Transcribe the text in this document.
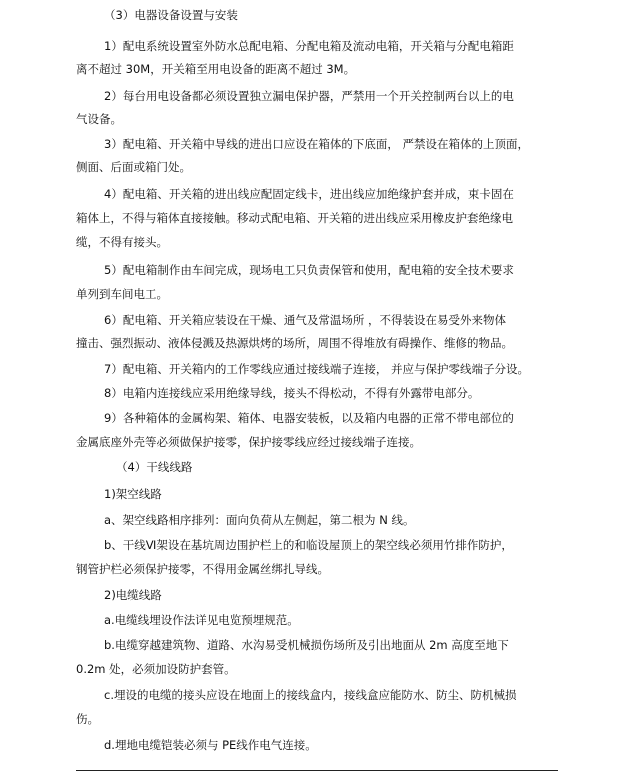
（3）电器设备设置与安装
1）配电系统设置室外防水总配电箱、分配电箱及流动电箱，开关箱与分配电箱距
离不超过 30M，开关箱至用电设备的距离不超过 3M。
2）每台用电设备都必须设置独立漏电保护器，严禁用一个开关控制两台以上的电
气设备。
3）配电箱、开关箱中导线的进出口应设在箱体的下底面， 严禁设在箱体的上顶面，
侧面、后面或箱门处。
4）配电箱、开关箱的进出线应配固定线卡，进出线应加绝缘护套并成，束卡固在
箱体上，不得与箱体直接接触。移动式配电箱、开关箱的进出线应采用橡皮护套绝缘电
缆，不得有接头。
5）配电箱制作由车间完成，现场电工只负责保管和使用，配电箱的安全技术要求
单列到车间电工。
6）配电箱、开关箱应装设在干燥、通气及常温场所 ，不得装设在易受外来物体
撞击、强烈振动、液体侵溅及热源烘烤的场所，周围不得堆放有碍操作、维修的物品。
7）配电箱、开关箱内的工作零线应通过接线端子连接， 并应与保护零线端子分设。
8）电箱内连接线应采用绝缘导线，接头不得松动，不得有外露带电部分。
9）各种箱体的金属构架、箱体、电器安装板，以及箱内电器的正常不带电部位的
金属底座外壳等必须做保护接零，保护接零线应经过接线端子连接。
（4）干线线路
1)架空线路
a、架空线路相序排列：面向负荷从左侧起，第二根为 N 线。
b、干线Ⅵ架设在基坑周边围护栏上的和临设屋顶上的架空线必须用竹排作防护，
钢管护栏必须保护接零，不得用金属丝绑扎导线。
2)电缆线路
a.电缆线埋设作法详见电览预埋规范。
b.电缆穿越建筑物、道路、水沟易受机械损伤场所及引出地面从 2m 高度至地下
0.2m 处，必须加设防护套管。
c.埋设的电缆的接头应设在地面上的接线盒内，接线盒应能防水、防尘、防机械损
伤。
d.埋地电缆铠装必须与 PE线作电气连接。
